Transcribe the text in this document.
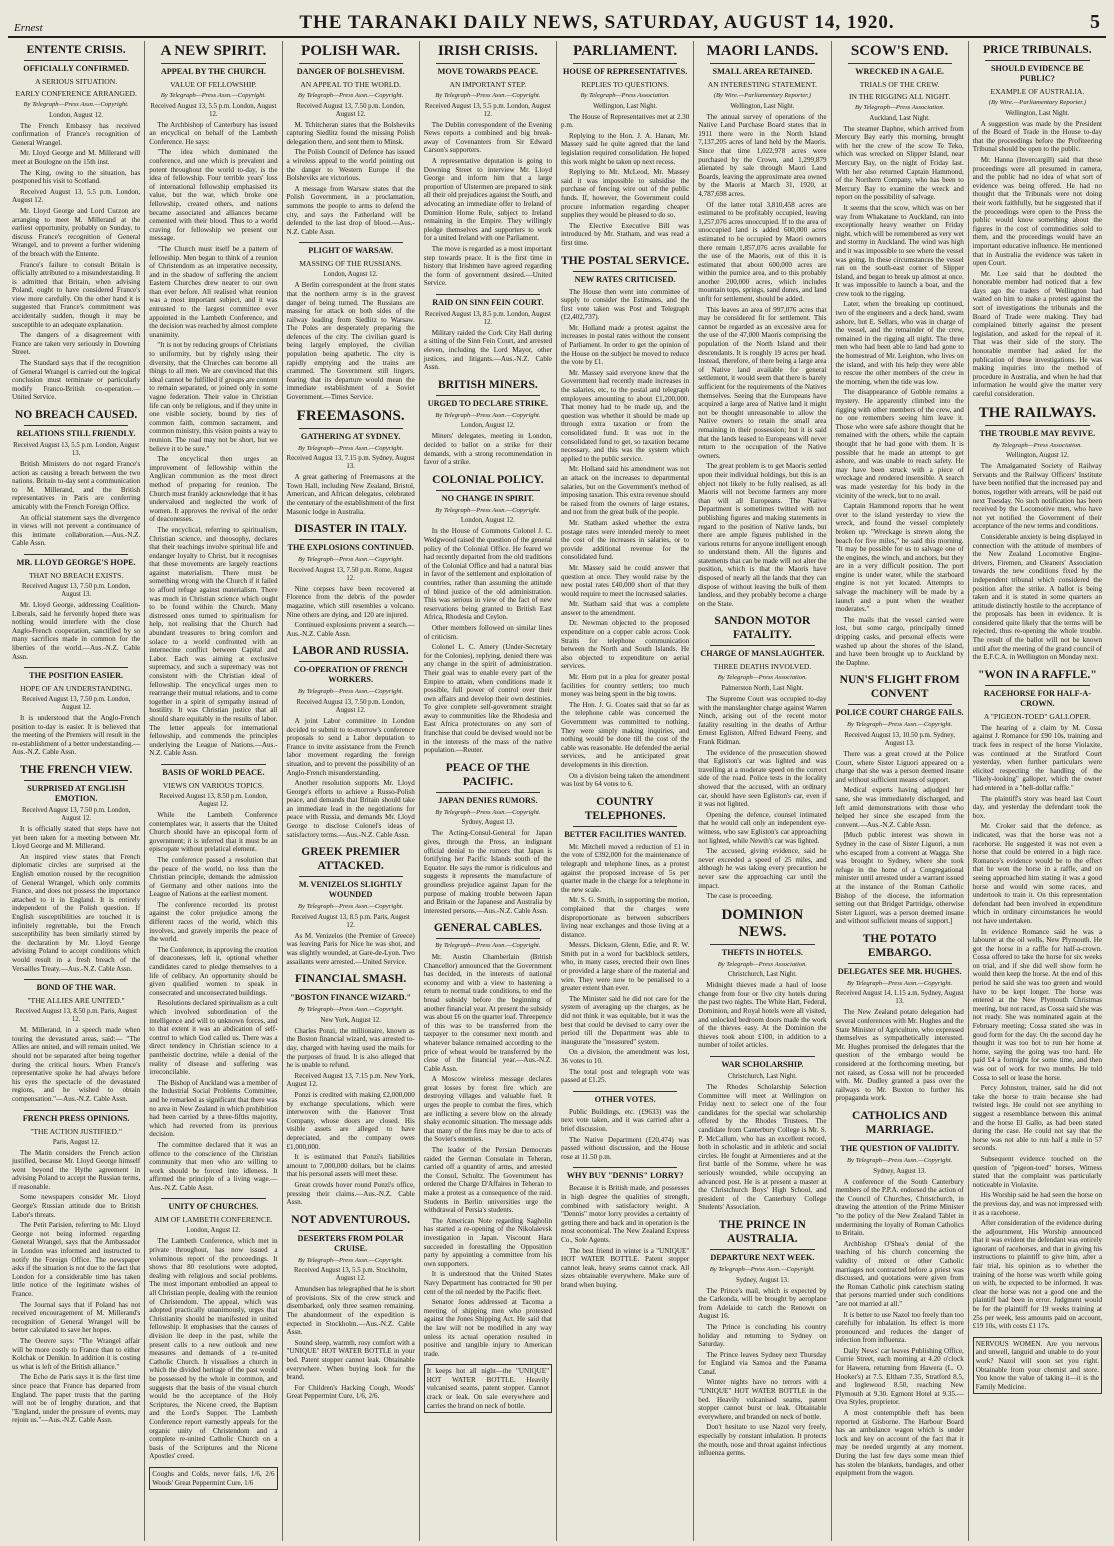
Ernest	THE TARANAKI DAILY NEWS, SATURDAY, AUGUST 14, 1920.	5
ENTENTE CRISIS.
OFFICIALLY CONFIRMED.
A SERIOUS SITUATION.
EARLY CONFERENCE ARRANGED.
By Telegraph—Press Assn.—Copyright.
London, August 12.

The French Embassy has received confirmation of France's recognition of General Wrangel.

Mr. Lloyd George and M. Millerand will meet at Boulogne on the 15th inst.

The King, owing to the situation, has postponed his visit to Scotland.

Received August 13, 5.5 p.m. London, August 12.

Mr. Lloyd George and Lord Curzon are arranging to meet M. Millerand at the earliest opportunity, probably on Sunday, to discuss France's recognition of General Wrangel, and to prevent a further widening of the breach with the Entente.

France's failure to consult Britain is officially attributed to a misunderstanding. It is admitted that Britain, when advising Poland, ought to have considered France's view more carefully. On the other hand it is suggested that France's commitment was accidentally sudden, though it may be susceptible to an adequate explanation.

The dangers of a disagreement with France are taken very seriously in Downing Street.

The Standard says that if the recognition of General Wrangel is carried out the logical conclusion must terminate or particularly modify Franco-British co-operation.—United Service.

NO BREACH CAUSED.
RELATIONS STILL FRIENDLY.
Received August 13, 5.5 p.m. London, August 13.

British Ministers do not regard France's action as causing a breach between the two nations. Britain to-day sent a communication to M. Millerand, and the British representatives in Paris are conferring amicably with the French Foreign Office.

An official statement says the divergence in views will not prevent a continuance of this intimate collaboration.—Aus.-N.Z. Cable Assn.

MR. LLOYD GEORGE'S HOPE.
THAT NO BREACH EXISTS.
Received August 13, 7.50 p.m. London, August 13.

Mr. Lloyd George, addressing Coalition-Liberals, said he fervently hoped there was nothing would interfere with the close Anglo-French cooperation, sanctified by so many sacrifices made in common for the liberties of the world.—Aus.-N.Z. Cable Assn.

THE POSITION EASIER.
HOPE OF AN UNDERSTANDING.
Received August 13, 7.50 p.m. London, August 12.

It is understood that the Anglo-French position to-day is easier. It is believed that the meeting of the Premiers will result in the re-establishment of a better understanding.—Aus.-N.Z. Cable Assn.

THE FRENCH VIEW.
SURPRISED AT ENGLISH EMOTION.
Received August 13, 7.50 p.m. London, August 12.

It is officially stated that steps have not yet been taken for a meeting between Mr. Lloyd George and M. Millerand.

An inspired view states that French diplomatic circles are surprised at the English emotion roused by the recognition of General Wrangel, which only commits France, and does not possess the importance attached to it in England. It is entirely independent of the Polish question. If English susceptibilities are touched it is infinitely regrettable, but the French susceptibility has been similarly stirred by the declaration by Mr. Lloyd George advising Poland to accept conditions which would result in a fresh breach of the Versailles Treaty.—Aus.-N.Z. Cable Assn.

BOND OF THE WAR.
"THE ALLIES ARE UNITED."
Received August 13, 8.50 p.m. Paris, August 12.

M. Millerand, in a speech made when touring the devastated areas, said:— "The Allies are united, and will remain united. We should not be separated after being together during the critical hours. When France's representative spoke he had always before his eyes the spectacle of the devastated regions, and he wished to obtain compensation."—Aus.-N.Z. Cable Assn.

FRENCH PRESS OPINIONS.
"THE ACTION JUSTIFIED."
Paris, August 12.

The Matin considers the French action justified, because Mr. Lloyd George himself went beyond the Hythe agreement in advising Poland to accept the Russian terms, if reasonable.

Some newspapers consider Mr. Lloyd George's Russian attitude due to British Labor's threats.

The Petit Parisien, referring to Mr. Lloyd George not being informed regarding General Wrangel, says that the Ambassador in London was informed and instructed to notify the Foreign Office. The newspaper asks if the situation is not due to the fact that London for a considerable time has taken little notice of the legitimate wishes of France.

The Journal says that if Poland has not received encouragement of M. Millerand's recognition of General Wrangel will be better calculated to save her hopes.

The Oeuvre says: "The Wrangel affair will be more costly to France than to either Kolchak or Denikin. In addition it is costing us what is left of the British alliance."

The Echo de Paris says it is the first time since peace that France has departed from England. The paper trusts that the parting will not be of lengthy duration, and that "England, under the pressure of events, may rejoin us."—Aus.-N.Z. Cable Assn.

A NEW SPIRIT.
APPEAL BY THE CHURCH.
VALUE OF FELLOWSHIP.
By Telegraph—Press Assn.—Copyright.
Received August 13, 5.5 p.m. London, August 12.

The Archbishop of Canterbury has issued an encyclical on behalf of the Lambeth Conference. He says:

"The idea which dominated the conference, and one which is prevalent and potent throughout the world to-day, is the idea of fellowship. Four terrible years' loss of international fellowship emphasised its value, but the war, which broke one fellowship, created others, and nations became associated and alliances became cemented with their blood. Thus to a world craving for fellowship we present our message.

"The Church must itself be a pattern of fellowship. Men began to think of a reunion of Christendom as an imperative necessity, and in the shadow of suffering the ancient Eastern Churches drew nearer to our own than ever before. All realised what reunion was a most important subject, and it was entrusted to the largest committee ever appointed in the Lambeth Conference, and the decision was reached by almost complete unanimity.

"It is not by reducing groups of Christians to uniformity, but by rightly using their diversity, that the Churches can become all things to all men. We are convinced that this ideal cannot be fulfilled if groups are content to remain separated, or joined only in some vague federation. Their value in Christian life can only be religious, and if they unite in one visible society, bound by ties of common faith, common sacrament, and common ministry, this vision points a way to reunion. The road may not be short, but we believe it to be sure."

The encyclical then urges an improvement of fellowship within the Anglican communion as the most direct method of preparing for reunion. The Church must frankly acknowledge that it has undervalued and neglected the work of women. It approves the revival of the order of deaconesses.

The encyclical, referring to spiritualism, Christian science, and theosophy, declares that their teachings involve spiritual life and endanger loyalty to Christ, but it recognises that these movements are largely reactions against materialism. There must be something wrong with the Church if it failed to afford refuge against materialism. There was much in Christian science which ought to be found within the Church. Many distressed ones turned to spiritualism for help, not realising that the Church had abundant treasures to bring comfort and solace to a world confronted with an internecine conflict between Capital and Labor. Each was aiming at exclusive supremacy, and such a supremacy was not consistent with the Christian ideal of fellowship. The encyclical urges men to rearrange their mutual relations, and to come together in a spirit of sympathy instead of hostility. It was Christian justice that all should share equitably in the results of labor. The letter appeals for international fellowship, and commends the principles underlying the League of Nations.—Aus.-N.Z. Cable Assn.

BASIS OF WORLD PEACE.
VIEWS ON VARIOUS TOPICS.
Received August 13, 8.50 p.m. London, August 12.

While the Lambeth Conference contemplates war, it asserts that the United Church should have an episcopal form of government; it is inferred that it must be an episcopate without prelatical element.

The conference passed a resolution that the peace of the world, no less than the Christian principle, demands the admission of Germany and other nations into the League of Nations at the earliest moment.

The conference recorded its protest against the color prejudice among the different races of the world, which this involves, and gravely imperils the peace of the world.

The Conference, in approving the creation of deaconesses, left it, optional whether candidates cared to pledge themselves to a life of celibacy. An opportunity should be given qualified women to speak in consecrated and unconsecrated buildings.

Resolutions declared spiritualism as a cult which involved subordination of the intelligence and will to unknown forces, and to that extent it was an abdication of self-control to which God called us. There was a direct tendency in Christian science to a pantheistic doctrine, while a denial of the reality of disease and suffering was irreconcilable.

The Bishop of Auckland was a member of the Industrial Social Problems Committee, and he remarked as significant that there was no area in New Zealand in which prohibition had been carried by a three-fifths majority, which had reverted from its previous decision.

The committee declared that it was an offence to the conscience of the Christian community that men who are willing to work should be forced into idleness. It affirmed the principle of a living wage.—Aus.-N.Z. Cable Assn.

UNITY OF CHURCHES.
AIM OF LAMBETH CONFERENCE.
London, August 12.

The Lambeth Conference, which met in private throughout, has now issued a voluminous report of the proceedings. It shows that 80 resolutions were adopted, dealing with religious and social problems. The most important embodied an appeal to all Christian people, dealing with the reunion of Christendom. The appeal, which was adopted practically unanimously, urges that Christianity should be manifested in united fellowship. It emphasises that the causes of division lie deep in the past, while the present calls to a new outlook and new measures and demands of a re-united Catholic Church. It visualises a church in which the divided heritage of the past would be possessed by the whole in common, and suggests that the basis of the visual church would be the acceptance of the Holy Scriptures, the Nicene creed, the Baptism and the Lord's Supper. The Lambeth Conference report earnestly appeals for the organic unity of Christendom and a complete re-united Catholic Church on a basis of the Scriptures and the Nicene Apostles' creed.

Coughs and Colds, never fails, 1/6, 2/6 Woods' Great Peppermint Cure, 1/6
POLISH WAR.
DANGER OF BOLSHEVISM.
AN APPEAL TO THE WORLD.
By Telegraph—Press Assn.—Copyright.
Received August 13, 7.50 p.m. London, August 12.

M. Tchitcheran states that the Bolsheviks capturing Siedlitz found the missing Polish delegation there, and sent them to Minsk.

The Polish Council of Defence has issued a wireless appeal to the world pointing out the danger to Western Europe if the Bolsheviks are victorious.

A message from Warsaw states that the Polish Government, in a proclamation, summons the people to arms to defend the city, and says the Fatherland will be defended to the last drop of blood.—Aus.-N.Z. Cable Assn.

PLIGHT OF WARSAW.
MASSING OF THE RUSSIANS.
London, August 12.

A Berlin correspondent at the front states that the northern army is in the gravest danger of being turned. The Russians are massing for attack on both sides of the railway leading from Siedlitz to Warsaw. The Poles are desperately preparing the defences of the city. The civilian guard is being largely employed, the civilian population being apathetic. The city is rapidly emptying and the trains are crammed. The Government still lingers, fearing that its departure would mean the immediate establishment of a Soviet Government.—Times Service.

FREEMASONS.
GATHERING AT SYDNEY.
By Telegraph—Press Assn.—Copyright.
Received August 13, 7.15 p.m. Sydney, August 13.

A great gathering of Freemasons at the Town Hall, including New Zealand, Bristol, American, and African delegates, celebrated the centenary of the establishment of the first Masonic lodge in Australia.

DISASTER IN ITALY.
THE EXPLOSIONS CONTINUED.
By Telegraph—Press Assn.—Copyright.
Received August 13, 7.50 p.m. Rome, August 12.

Nine corpses have been recovered at Florence from the debris of the powder magazine, which still resembles a volcano. Nine others are dying, and 120 are injured.

Continued explosions prevent a search.—Aus.-N.Z. Cable Assn.

LABOR AND RUSSIA.
CO-OPERATION OF FRENCH WORKERS.
By Telegraph—Press Assn.—Copyright.
Received August 13, 7.50 p.m. London, August 12.

A joint Labor committee in London decided to submit to to-morrow's conference proposals to send a Labor deputation to France to invite assistance from the French labor movement regarding the foreign situation, and to prevent the possibility of an Anglo-French misunderstanding.

Another resolution supports Mr. Lloyd George's efforts to achieve a Russo-Polish peace, and demands that Britain should take an immediate lead in the negotiations for peace with Russia, and demands Mr. Lloyd George to disclose Colonel's ideas of satisfactory terms.—Aus.-N.Z. Cable Assn.

GREEK PREMIER ATTACKED.
M. VENIZELOS SLIGHTLY WOUNDED
By Telegraph—Press Assn.—Copyright.
Received August 13, 8.5 p.m. Paris, August 12.

As M. Venizelos (the Premier of Greece) was leaving Paris for Nice he was shot, and was slightly wounded, at Gare-de-Lyon. Two assailants were arrested.—United Service.

FINANCIAL SMASH.
"BOSTON FINANCE WIZARD."
By Telegraph—Press Assn.—Copyright.
New York, August 12.

Charles Ponzi, the millionaire, known as the Boston financial wizard, was arrested to-day, charged with having used the mails for the purposes of fraud. It is also alleged that he is unable to refund.

Received August 13, 7.15 p.m. New York, August 12.

Ponzi is credited with making £2,000,000 by exchange speculations, which were interwoven with the Hanover Trust Company, whose doors are closed. His visible assets are alleged to have depreciated, and the company owes £1,000,000.

It is estimated that Ponzi's liabilities amount to 7,000,000 dollars, but he claims that his personal assets will meet these.

Great crowds hover round Ponzi's office, pressing their claims.—Aus.-N.Z. Cable Assn.

NOT ADVENTUROUS.
DESERTERS FROM POLAR CRUISE.
By Telegraph—Press Assn.—Copyright.
Received August 13, 5.5 p.m. Stockholm, August 12.

Amundsen has telegraphed that he is short of provisions. Six of the crew struck and disembarked, only three seamen remaining. The abandonment of the expedition is expected in Stockholm.—Aus.-N.Z. Cable Assn.

Sound sleep, warmth, rosy comfort with a "UNIQUE" HOT WATER BOTTLE in your bed. Patent stopper cannot leak. Obtainable everywhere. When buying look for the brand.

For Children's Hacking Cough, Woods' Great Peppermint Cure, 1/6, 2/6.

IRISH CRISIS.
MOVE TOWARDS PEACE.
AN IMPORTANT STEP.
By Telegraph—Press Assn.—Copyright.
Received August 13, 5.5 p.m. London, August 12.

The Dublin correspondent of the Evening News reports a combined and big break-away of Covenanters from Sir Edward Carson's supporters.

A representative deputation is going to Downing Street to interview Mr. Lloyd George and inform him that a large proportion of Ulstermen are prepared to sink all their old prejudices against the South, and advocating an immediate offer to Ireland of Dominion Home Rule, subject to Ireland remaining in the Empire. They willingly pledge themselves and supporters to work for a united Ireland with one Parliament.

The move is regarded as a most important step towards peace. It is the first time in history that Irishmen have agreed regarding the form of government desired.—United Service.

RAID ON SINN FEIN COURT.
Received August 13, 8.5 p.m. London, August 12.

Military raided the Cork City Hall during a sitting of the Sinn Fein Court, and arrested eleven, including the Lord Mayor, other justices, and litigants.—Aus.-N.Z. Cable Assn.

BRITISH MINERS.
URGED TO DECLARE STRIKE.
By Telegraph—Press Assn.—Copyright.
London, August 12.

Miners' delegates, meeting in London, decided to ballot on a strike for their demands, with a strong recommendation in favor of a strike.

COLONIAL POLICY.
NO CHANGE IN SPIRIT.
By Telegraph—Press Assn.—Copyright.
London, August 12.

In the House of Commons Colonel J. C. Wedgwood raised the question of the general policy of the Colonial Office. He feared we had recently departed from the old traditions of the Colonial Office and had a natural bias in favor of the settlement and exploitation of countries, rather than assuming the attitude of blind justice of the old administration. This was serious in view of the fact of new reservations being granted to British East Africa, Rhodesia and Ceylon.

Other members followed on similar lines of criticism.

Colonel L. C. Amery (Under-Secretary for the Colonies), replying, denied there was any change in the spirit of administration. Their goal was to enable every part of the Empire to attain, when conditions made it possible, full power of control over their own affairs and develop their own destinies. To give complete self-government straight away to communities like the Rhodesia and East Africa protectorates on any sort of franchise that could be devised would not be in the interests of the mass of the native population.—Reuter.

PEACE OF THE PACIFIC.
JAPAN DENIES RUMORS.
By Telegraph—Press Assn.—Copyright.
Sydney, August 13.

The Acting-Consul-General for Japan gives, through the Press, an indignant official denial to the rumors that Japan is fortifying her Pacific Islands south of the Equator. He says the rumor is ridiculous and suggests it represents the manufacture of groundless prejudice against Japan for the purpose of making trouble between Japan and Britain or the Japanese and Australia by interested persons.—Aus.-N.Z. Cable Assn.

GENERAL CABLES.
By Telegraph—Press Assn.—Copyright.

Mr. Austin Chamberlain (British Chancellor) announced that the Government has decided, in the interests of national economy and with a view to hastening a return to normal trade conditions, to end the bread subsidy before the beginning of another financial year. At present the subsidy was about £6 on the quarter loaf. Threepence of this was to be transferred from the taxpayer to the consumer next month and whatever balance remained according to the price of wheat would be transferred by the close of the financial year.—Aus.-N.Z. Cable Assn.

A Moscow wireless message declares great losses by forest fire which are destroying villages and valuable fuel. It urges the people to combat the fires, which are inflicting a severe blow on the already shaky economic situation. The message adds that many of the fires may be due to acts of the Soviet's enemies.

The leader of the Persian Democrats raided the German Consulate in Teheran, carried off a quantity of arms, and arrested the Consul, Schultz. The Government has ordered the Charge D'Affaires in Teheran to make a protest as a consequence of the raid. Students in Berlin universities urge the withdrawal of Persia's students.

The American Note regarding Sagholin has started a re-opening of the Nikolaievsk investigation in Japan. Viscount Hara succeeded in forestalling the Opposition party by appointing a committee from his own supporters.

It is understood that the United States Navy Department has contracted for 90 per cent of the oil needed by the Pacific fleet.

Senator Jones addressed at Tacoma a meeting of shipping men who protested against the Jones Shipping Act. He said that the law will not be modified in any way unless its actual operation resulted in positive and tangible injury to American trade.

It keeps hot all night—the "UNIQUE" HOT WATER BOTTLE. Heavily vulcanised seams, patent stopper. Cannot crack or leak. On sale everywhere and carries the brand on neck of bottle.
PARLIAMENT.
HOUSE OF REPRESENTATIVES.
REPLIES TO QUESTIONS.
By Telegraph—Press Association.
Wellington, Last Night.

The House of Representatives met at 2.30 p.m.

Replying to the Hon. J. A. Hanan, Mr. Massey said he quite agreed that the land legislation required consolidation. He hoped this work might be taken up next recess.

Replying to Mr. McLeod, Mr. Massey said it was impossible to subsidise the purchase of fencing wire out of the public funds. If, however, the Government could procure information regarding cheaper supplies they would be pleased to do so.

The Elective Executive Bill was introduced by Mr. Statham, and was read a first time.

THE POSTAL SERVICE.
NEW RATES CRITICISED.

The House then went into committee of supply to consider the Estimates, and the first vote taken was Post and Telegraph (£2,402,737).

Mr. Holland made a protest against the increases in postal rates without the consent of Parliament. In order to get the opinion of the House on the subject he moved to reduce the vote by £1.

Mr. Massey said everyone knew that the Government had recently made increases in the salaries, etc, to the postal and telegraph employees amounting to about £1,200,000. That money had to be made up, and the question was whether it should be made up through extra taxation or from the consolidated fund. It was not in the consolidated fund to get, so taxation became necessary, and this was the system which applied to the public service.

Mr. Holland said his amendment was not an attack on the increases to departmental salaries, but on the Government's method of imposing taxation. This extra revenue should be raised from the owners of large estates, and not from the great bulk of the people.

Mr. Statham asked whether the extra postage rates were intended merely to meet the cost of the increases in salaries, or to provide additional revenue for the consolidated fund.

Mr. Massey said he could answer that question at once. They would raise by the new postal rates £40,000 short of that they would require to meet the increased salaries.

Mr. Statham said that was a complete answer to the amendment.

Dr. Newman objected to the proposed expenditure on a copper cable across Cook Straits for telephone communication between the North and South Islands. He also objected to expenditure on aerial services.

Mr. Horn put in a plea for greater postal facilities for country settlers; too much money was being spent in the big towns.

The Hon. J. G. Coates said that so far as the telephone cable was concerned the Government was committed to nothing. They were simply making inquiries, and nothing would be done till the cost of the cable was reasonable. He defended the aerial services, and he anticipated great developments in this direction.

On a division being taken the amendment was lost by 64 votes to 6.

COUNTRY TELEPHONES.
BETTER FACILITIES WANTED.

Mr. Mitchell moved a reduction of £1 in the vote of £392,000 for the maintenance of telegraph and telephone lines, as a protest against the proposed increase of 5s per quarter made in the charge for a telephone in the new scale.

Mr. S. G. Smith, in supporting the motion, complained that the charges were disproportionate as between subscribers living near exchanges and those living at a distance.

Messrs. Dickson, Glenn, Edie, and R. W. Smith put in a word for backblock settlers, who, in many cases, erected their own lines or provided a large share of the material and wire. They were now to be penalised to a greater extent than ever.

The Minister said he did not care for the system of averaging up the charges, as he did not think it was equitable, but it was the best that could be devised to carry over the period till the Department was able to inaugurate the "measured" system.

On a division, the amendment was lost, 36 votes to 10.

The total post and telegraph vote was passed at £1.25.

OTHER VOTES.

Public Buildings, etc. (£9633) was the next vote taken, and it was carried after a brief discussion.

The Native Department (£20,474) was passed without discussion, and the House rose at 11.50 p.m.

WHY BUY "DENNIS" LORRY?

Because it is British made, and possesses in high degree the qualities of strength, combined with satisfactory weight. A "Dennis" motor lorry provides a certainty of getting there and back and in operation is the most economical. The New Zealand Express Co., Sole Agents.

The best friend in winter is a "UNIQUE" HOT WATER BOTTLE. Patent stopper cannot leak, heavy seams cannot crack. All sizes obtainable everywhere. Make sure of brand when buying.

MAORI LANDS.
SMALL AREA RETAINED.
AN INTERESTING STATEMENT.
(By Wire.—Parliamentary Reporter.)
Wellington, Last Night.

The annual survey of operations of the Native Land Purchase Board states that in 1911 there were in the North Island 7,137,205 acres of land held by the Maoris. Since that time 1,022,978 acres were purchased by the Crown, and 1,299,879 alienated by sale through Maori Land Boards, leaving the approximate area owned by the Maoris at March 31, 1920, at 4,787,698 acres.

Of the latter total 3,810,458 acres are estimated to be profitably occupied, leaving 1,257,076 acres unoccupied. If to the area of unoccupied land is added 600,000 acres estimated to be occupied by Maori owners there remain 1,857,076 acres available for the use of the Maoris, out of this it is estimated that about 600,000 acres are within the pumice area, and to this probably another 200,000 acres, which includes mountain tops, springs, sand dunes, and land unfit for settlement, should be added.

This leaves an area of 997,076 acres that may be considered fit for settlement. This cannot be regarded as an excessive area for the use of the 47,000 Maoris comprising the population of the North Island and their descendants. It is roughly 19 acres per head. Instead, therefore, of there being a large area of Native land available for general settlement, it would seem that there is barely sufficient for the requirements of the Natives themselves. Seeing that the Europeans have acquired a large area of Native land it might not be thought unreasonable to allow the Native owners to retain the small area remaining in their possession; but it is said that the lands leased to Europeans will never return to the occupation of the Native owners.

The great problem is to get Maoris settled upon their individual holdings, but this is an object not likely to be fully realised, as all Maoris will not become farmers any more than will all Europeans. The Native Department is sometimes twitted with not publishing figures and making statements in regard to the position of Native lands, but there are ample figures published in the various returns for anyone intelligent enough to understand them. All the figures and statements that can be made will not alter the position, which is that the Maoris have disposed of nearly all the lands that they can dispose of without leaving the bulk of them landless, and they probably become a charge on the State.

SANDON MOTOR FATALITY.
CHARGE OF MANSLAUGHTER.
THREE DEATHS INVOLVED.
By Telegraph—Press Association.
Palmerston North, Last Night.

The Supreme Court was occupied to-day with the manslaughter charge against Warren Ninch, arising out of the recent motor fatality resulting in the deaths of Arthur Ernest Egliston, Alfred Edward Feeny, and Frank Ridman.

The evidence of the prosecution showed that Egliston's car was lighted and was travelling at a moderate speed on the correct side of the road. Police tests in the locality showed that the accused, with an ordinary car, should have seen Egliston's car, even if it was not lighted.

Opening the defence, counsel intimated that he would call only an independent eye-witness, who saw Egliston's car approaching not lighted, while Newth's car was lighted.

The accused, giving evidence, said he never exceeded a speed of 25 miles, and although he was taking every precaution he never saw the approaching car until the impact.

The case is proceeding.

DOMINION NEWS.
THEFTS IN HOTELS.
By Telegraph—Press Association.
Christchurch, Last Night.

Midnight thieves made a haul of loose change from four or five city hotels during the past two nights. The White Hart, Federal, Dominion, and Royal hotels were all visited, and unlocked bedroom doors made the work of the thieves easy. At the Dominion the thieves took about £100, in addition to a number of toilet articles.

WAR SCHOLARSHIP.
Christchurch, Last Night.

The Rhodes Scholarship Selection Committee will meet at Wellington on Friday next to select one of the four candidates for the special war scholarship offered by the Rhodes Trustees. The candidate from Canterbury College is Mr. S. P. McCallum, who has an excellent record, both in scholastic and in athletic and social circles. He fought at Armentieres and at the first battle of the Somme, where he was seriously wounded, while occupying an advanced post. He is at present a master at the Christchurch Boys' High School, and president of the Canterbury College Students' Association.

THE PRINCE IN AUSTRALIA.
DEPARTURE NEXT WEEK.
By Telegraph—Press Assn.—Copyright.
Sydney, August 13.

The Prince's mail, which is expected by the Carkonda, will be brought by aeroplane from Adelaide to catch the Renown on August 16.

The Prince is concluding his country holiday and returning to Sydney on Saturday.

The Prince leaves Sydney next Thursday for England via Samoa and the Panama Canal.

Winter nights have no terrors with a "UNIQUE" HOT WATER BOTTLE in the bed. Heavily vulcanised seams, patent stopper cannot burst or leak. Obtainable everywhere, and branded on neck of bottle.

Don't hesitate to use Nazol very freely, especially by constant inhalation. It protects the mouth, nose and throat against infectious influenza germs.

SCOW'S END.
WRECKED IN A GALE.
TRIALS OF THE CREW.
IN THE RIGGING ALL NIGHT.
By Telegraph—Press Association.
Auckland, Last Night.

The steamer Daphne, which arrived from Mercury Bay early this morning, brought with her the crew of the scow Te Teko, which was wrecked on Slipper Island, near Mercury Bay, on the night of Friday last. With her also returned Captain Hammond, of the Northern Company, who has been to Mercury Bay to examine the wreck and report on the possibility of salvage.

It seems that the scow, which was on her way from Whakatane to Auckland, ran into exceptionally heavy weather on Friday night, which will be remembered as very wet and stormy in Auckland. The wind was high and it was impossible to see where the vessel was going. In these circumstances the vessel ran on the south-east corner of Slipper Island, and began to break up almost at once. It was impossible to launch a boat, and the crew took to the rigging.

Later, when the breaking up continued, two of the engineers and a deck hand, swam ashore, but E. Sellars, who was in charge of the vessel, and the remainder of the crew, remained in the rigging all night. The three men who had been able to land had gone to the homestead of Mr. Leighton, who lives on the island, and with his help they were able to rescue the other members of the crew in the morning, when the tide was low.

The disappearance of Gobble remains a mystery. He apparently climbed into the rigging with other members of the crew, and no one remembers seeing him leave it. Those who were safe ashore thought that he remained with the others, while the captain thought that he had gone with them. It is possible that he made an attempt to get ashore, and was unable to reach safety. He may have been struck with a piece of wreckage and rendered insensible. A search was made yesterday for his body in the vicinity of the wreck, but to no avail.

Captain Hammond reports that he went over to the island yesterday to view the wreck, and found the vessel completely broken up. "Wreckage is strewn along the beach for five miles," he said this morning. "It may be possible for us to salvage one of the engines, the winch, and anchors, but they are in a very difficult position. The port engine is under water, while the starboard engine is not yet located. Attempts to salvage the machinery will be made by a launch and a punt when the weather moderates."

The mails that the vessel carried were lost, but some cargo, principally tinned dripping casks, and personal effects were washed up about the shores of the island, and have been brought up to Auckland by the Daphne.

NUN'S FLIGHT FROM CONVENT
POLICE COURT CHARGE FAILS.
By Telegraph—Press Assn.—Copyright.
Received August 13, 10.50 p.m. Sydney, August 13.

There was a great crowd at the Police Court, where Sister Liguori appeared on a charge that she was a person deemed insane and without sufficient means of support.

Medical experts having adjudged her sane, she was immediately discharged, and left amid demonstrations with those who helped her since she escaped from the convent.—Aus.-N.Z. Cable Assn.

[Much public interest was shown in Sydney in the case of Sister Liguori, a nun who escaped from a convent at Wagga. She was brought to Sydney, where she took refuge in the home of a Congregational minister until arrested under a warrant issued at the instance of the Roman Catholic Bishop of the diocese, the information setting out that Bridget Partridge, otherwise Sister Liguori, was a person deemed insane and without sufficient means of support.]

THE POTATO EMBARGO.
DELEGATES SEE MR. HUGHES.
By Telegraph—Press Assn.—Copyright.
Received August 14, 1.15 a.m. Sydney, August 13.

The New Zealand potato delegation had several conferences with Mr. Hughes and the State Minister of Agriculture, who expressed themselves as sympathetically interested. Mr. Hughes promised the delegates that the question of the embargo would be considered at the forthcoming meeting, but not raised, as Cossa will not be proceeded with. Mr. Dudley granted a pass over the railways to Mr. Buxton to further his propaganda work.

CATHOLICS AND MARRIAGE.
THE QUESTION OF VALIDITY.
By Telegraph—Press Assn.—Copyright.
Sydney, August 13.

A conference of the South Canterbury members of the P.P.A. endorsed the action of the Council of Churches, Christchurch, in drawing the attention of the Prime Minister "to the policy of the New Zealand Tablet in undermining the loyalty of Roman Catholics to Britain.

Archbishop O'Shea's denial of the teaching of his church concerning the validity of mixed or other Catholic marriages not contracted before a priest was discussed, and quotations were given from the Roman Catholic pink catechism stating that persons married under such conditions "are not married at all."

It is better to use Nazol too freely than too carefully for inhalation. Its effect is more pronounced and reduces the danger of infection from influenza.

Daily News' car leaves Publishing Office, Currie Street, each morning at 4.20 o'clock for Hawera, returning from Hawera (L. O. Hooker's) at 7.5. Eltham 7.35, Stratford 8.5, and Inglewood 8.50, reaching New Plymouth at 9.30. Egmont Hotel at 9.35.—Ova Styles, proprietor.

A most contemptible theft has been reported at Gisborne. The Harbour Board has an ambulance wagon which is under lock and key on account of the fact that it may be needed urgently at any moment. During the last few days some mean thief has stolen the blankets, bandages, and other equipment from the wagon.

PRICE TRIBUNALS.
SHOULD EVIDENCE BE PUBLIC?
EXAMPLE OF AUSTRALIA.
(By Wire.—Parliamentary Reporter.)
Wellington, Last Night.

A suggestion was made by the President of the Board of Trade in the House to-day that the proceedings before the Profiteering Tribunal should be open to the public.

Mr. Hanna (Invercargill) said that these proceedings were all presumed in camera, and the public had no idea of what sort of evidence was being offered. He had no thought that the Tribunals were not doing their work faithfully, but he suggested that if the proceedings were open to the Press the public would know something about the figures in the cost of commodities sold to them, and the proceedings would have an important educative influence. He mentioned that in Australia the evidence was taken in open Court.

Mr. Lee said that he doubted the honorable member had noticed that a few days ago the traders of Wellington had waited on him to make a protest against the sort of investigations the tribunals and the Board of Trade were making. They had complained bitterly against the present legislation, and asked for the repeal of it. That was their side of the story. The honorable member had asked for the publication of these investigations. He was making inquiries into the method of procedure in Australia, and when he had that information he would give the matter very careful consideration.

THE RAILWAYS.
THE TROUBLE MAY REVIVE.
By Telegraph—Press Association.
Wellington, August 12.

The Amalgamated Society of Railway Servants and the Railway Officers' Institute have been notified that the increased pay and bonus, together with arrears, will be paid out next Tuesday. No such notification has been received by the Locomotive men, who have not yet notified the Government of their acceptance of the new terms and conditions.

Considerable anxiety is being displayed in connection with the attitude of members of the New Zealand Locomotive Engine-drivers, Firemen, and Cleaners' Association towards the new conditions fixed by the independent tribunal which considered the position after the strike. A ballot is being taken and it is stated in some quarters an attitude distinctly hostile to the acceptance of the proposals has been in evidence. It is considered quite likely that the terms will be rejected, thus re-opening the whole trouble. The result of the ballot will not be known until after the meeting of the grand council of the E.F.C.A. in Wellington on Monday next.

"WON IN A RAFFLE."
RACEHORSE FOR HALF-A-CROWN.
A "PIGEON-TOED" GALLOPER.

The hearing of a claim by M. Cossa against J. Romance for £90 10s, training and track fees in respect of the horse Violaxite, was continued at the Stratford Court yesterday, when further particulars were elicited respecting the handling of the "likely-looking" galloper, which the owner had entered in a "hell-dollar raffle."

The plaintiff's story was heard last Court day, and yesterday the defendant took the box.

Mr. Croker said that the defence, as indicated, was that the horse was not a racehorse. He suggested it was not even a horse that could be entered in a high race. Romance's evidence would be to the effect that he won the horse in a raffle, and on seeing approached him stating it was a good horse and would win some races, and undertook to train it. On this representation defendant had been involved in expenditure which in ordinary circumstances he would not have undertaken.

In evidence Romance said he was a labourer at the oil wells, New Plymouth. He got the horse in a raffle for half-a-crown. Cossa offered to take the horse for six weeks on trial, and if she did well show form he would then keep the horse. At the end of this period he said she was too green and would have to be kept longer. The horse was entered at the New Plymouth Christmas meeting, but not raced, as Cossa said she was not ready. She was nominated again at the February meeting; Cossa stated she was in good form for the day. On the second day he thought it was too hot to run her home at home, saying the going was too hard. He paid £4 a fortnight for some time, and then was out of work for two months. He told Cossa to sell or lease the horse.

Percy Johnston, trainer, said he did not take the horse to train because she had twisted legs. He could not see anything to suggest a resemblance between this animal and the horse El Gallo, as had been stated during the case. He could not say that the horse was not able to run half a mile in 57 seconds.

Subsequent evidence touched on the question of "pigeon-toed" horses, Witness stated that the complaint was particularly noticeable in Violaxite.

His Worship said he had seen the horse on the previous day, and was not impressed with it as a racehorse.

After consideration of the evidence during the adjournment, His Worship announced that it was evident the defendant was entirely ignorant of racehorses, and that in giving his instructions to plaintiff to give him, after a fair trial, his opinion as to whether the training of the horse was worth while going on with, he expected to be informed. It was clear the horse was not a good one and the plaintiff had been in error. Judgment would be for the plaintiff for 19 weeks training at 25s per week, less amounts paid on account, £19 10s, with costs £1 17s.

NERVOUS WOMEN. Are you nervous and unwell, languid and unable to do your work? Nazol will soon set you right. Obtainable from your chemist and store. You know the value of taking it—it is the Family Medicine.
